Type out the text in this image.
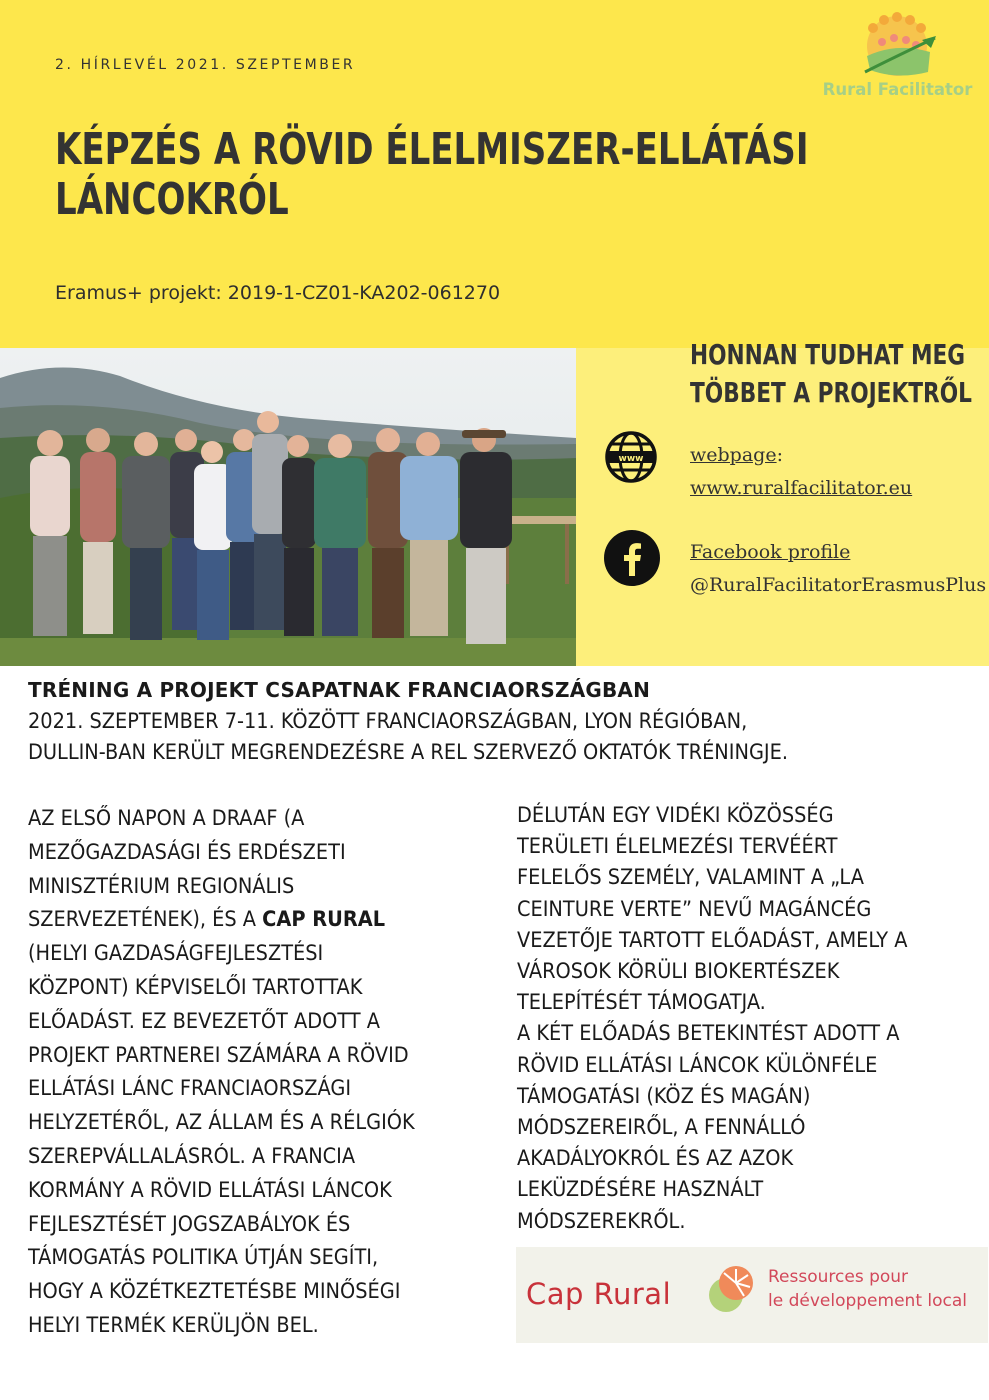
2. HÍRLEVÉL 2021. SZEPTEMBER
KÉPZÉS A RÖVID ÉLELMISZER-ELLÁTÁSI
LÁNCOKRÓL
Eramus+ projekt: 2019-1-CZ01-KA202-061270
Rural Facilitator
HONNAN TUDHAT MEG
TÖBBET A PROJEKTRŐL
www webpage:
www.ruralfacilitator.eu
Facebook profile
@RuralFacilitatorErasmusPlus
TRÉNING A PROJEKT CSAPATNAK FRANCIAORSZÁGBAN
2021. SZEPTEMBER 7-11. KÖZÖTT FRANCIAORSZÁGBAN, LYON RÉGIÓBAN,
DULLIN-BAN KERÜLT MEGRENDEZÉSRE A REL SZERVEZŐ OKTATÓK TRÉNINGJE.
AZ ELSŐ NAPON A DRAAF (A
MEZŐGAZDASÁGI ÉS ERDÉSZETI
MINISZTÉRIUM REGIONÁLIS
SZERVEZETÉNEK), ÉS A CAP RURAL
(HELYI GAZDASÁGFEJLESZTÉSI
KÖZPONT) KÉPVISELŐI TARTOTTAK
ELŐADÁST. EZ BEVEZETŐT ADOTT A
PROJEKT PARTNEREI SZÁMÁRA A RÖVID
ELLÁTÁSI LÁNC FRANCIAORSZÁGI
HELYZETÉRŐL, AZ ÁLLAM ÉS A RÉLGIÓK
SZEREPVÁLLALÁSRÓL. A FRANCIA
KORMÁNY A RÖVID ELLÁTÁSI LÁNCOK
FEJLESZTÉSÉT JOGSZABÁLYOK ÉS
TÁMOGATÁS POLITIKA ÚTJÁN SEGÍTI,
HOGY A KÖZÉTKEZTETÉSBE MINŐSÉGI
HELYI TERMÉK KERÜLJÖN BEL.
DÉLUTÁN EGY VIDÉKI KÖZÖSSÉG
TERÜLETI ÉLELMEZÉSI TERVÉÉRT
FELELŐS SZEMÉLY, VALAMINT A „LA
CEINTURE VERTE” NEVŰ MAGÁNCÉG
VEZETŐJE TARTOTT ELŐADÁST, AMELY A
VÁROSOK KÖRÜLI BIOKERTÉSZEK
TELEPÍTÉSÉT TÁMOGATJA.
A KÉT ELŐADÁS BETEKINTÉST ADOTT A
RÖVID ELLÁTÁSI LÁNCOK KÜLÖNFÉLE
TÁMOGATÁSI (KÖZ ÉS MAGÁN)
MÓDSZEREIRŐL, A FENNÁLLÓ
AKADÁLYOKRÓL ÉS AZ AZOK
LEKÜZDÉSÉRE HASZNÁLT
MÓDSZEREKRŐL.
Cap Rural	Ressources pour
le développement local
